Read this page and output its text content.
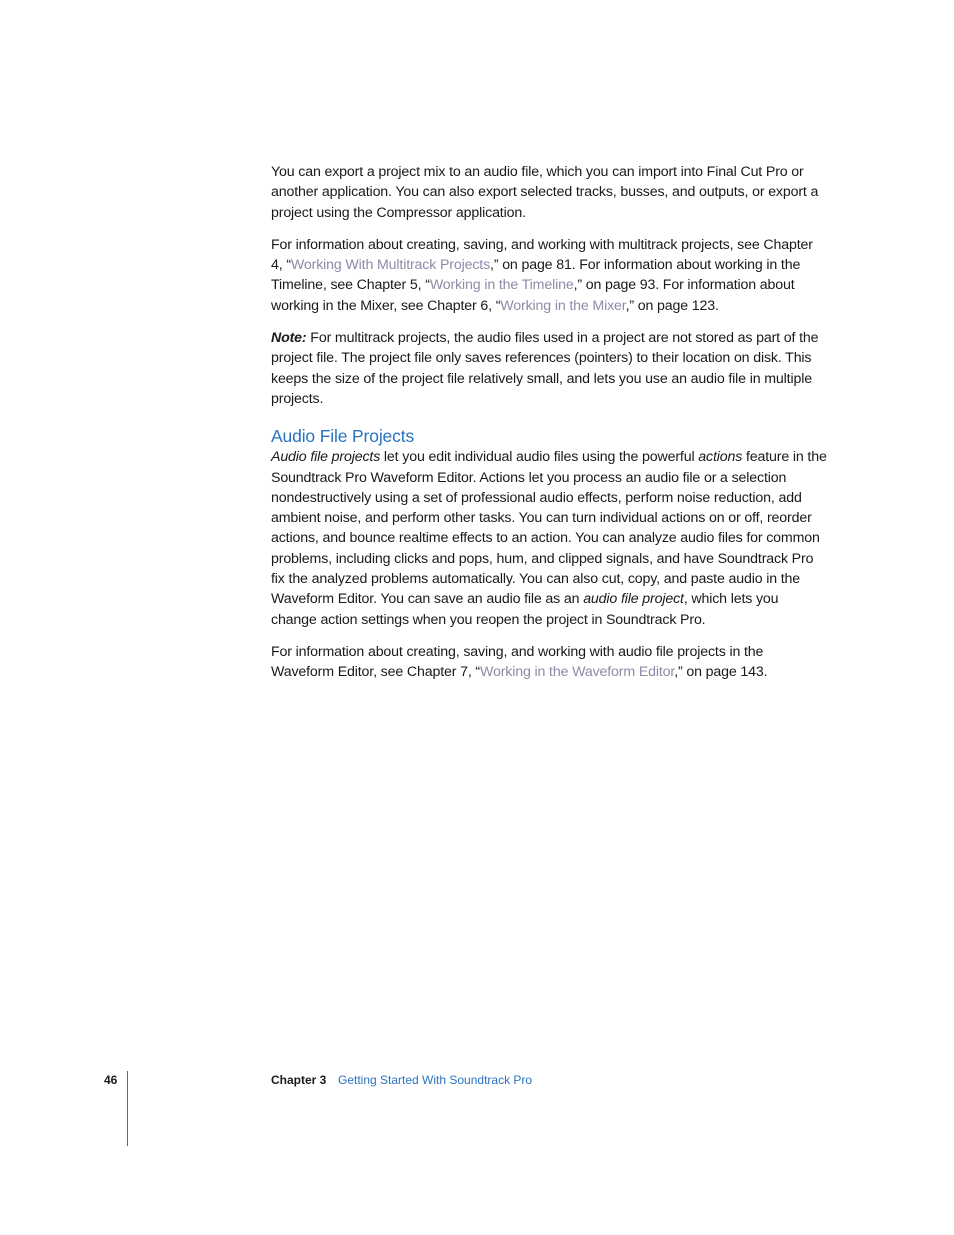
You can export a project mix to an audio file, which you can import into Final Cut Pro or another application. You can also export selected tracks, busses, and outputs, or export a project using the Compressor application.

For information about creating, saving, and working with multitrack projects, see Chapter 4, “Working With Multitrack Projects,” on page 81. For information about working in the Timeline, see Chapter 5, “Working in the Timeline,” on page 93. For information about working in the Mixer, see Chapter 6, “Working in the Mixer,” on page 123.

Note: For multitrack projects, the audio files used in a project are not stored as part of the project file. The project file only saves references (pointers) to their location on disk. This keeps the size of the project file relatively small, and lets you use an audio file in multiple projects.

Audio File Projects

Audio file projects let you edit individual audio files using the powerful actions feature in the Soundtrack Pro Waveform Editor. Actions let you process an audio file or a selection nondestructively using a set of professional audio effects, perform noise reduction, add ambient noise, and perform other tasks. You can turn individual actions on or off, reorder actions, and bounce realtime effects to an action. You can analyze audio files for common problems, including clicks and pops, hum, and clipped signals, and have Soundtrack Pro fix the analyzed problems automatically. You can also cut, copy, and paste audio in the Waveform Editor. You can save an audio file as an audio file project, which lets you change action settings when you reopen the project in Soundtrack Pro.

For information about creating, saving, and working with audio file projects in the Waveform Editor, see Chapter 7, “Working in the Waveform Editor,” on page 143.

46	Chapter 3 Getting Started With Soundtrack Pro
